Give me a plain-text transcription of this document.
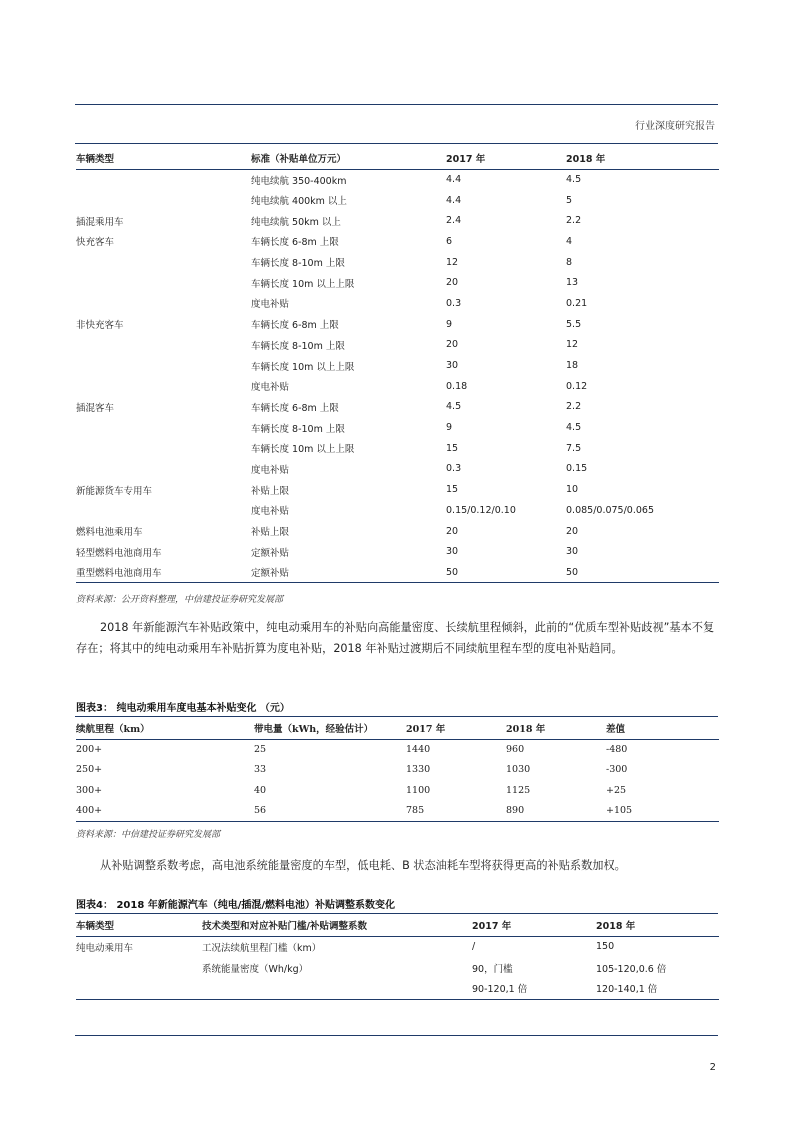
行业深度研究报告
车辆类型	标准（补贴单位万元）	2017 年	2018 年
	纯电续航 350-400km	4.4	4.5
	纯电续航 400km 以上	4.4	5
插混乘用车	纯电续航 50km 以上	2.4	2.2
快充客车	车辆长度 6-8m 上限	6	4
	车辆长度 8-10m 上限	12	8
	车辆长度 10m 以上上限	20	13
	度电补贴	0.3	0.21
非快充客车	车辆长度 6-8m 上限	9	5.5
	车辆长度 8-10m 上限	20	12
	车辆长度 10m 以上上限	30	18
	度电补贴	0.18	0.12
插混客车	车辆长度 6-8m 上限	4.5	2.2
	车辆长度 8-10m 上限	9	4.5
	车辆长度 10m 以上上限	15	7.5
	度电补贴	0.3	0.15
新能源货车专用车	补贴上限	15	10
	度电补贴	0.15/0.12/0.10	0.085/0.075/0.065
燃料电池乘用车	补贴上限	20	20
轻型燃料电池商用车	定额补贴	30	30
重型燃料电池商用车	定额补贴	50	50
资料来源：公开资料整理，中信建投证券研究发展部
2018 年新能源汽车补贴政策中，纯电动乘用车的补贴向高能量密度、长续航里程倾斜，此前的“优质车型补贴歧视”基本不复存在；将其中的纯电动乘用车补贴折算为度电补贴，2018 年补贴过渡期后不同续航里程车型的度电补贴趋同。
图表3： 纯电动乘用车度电基本补贴变化 （元）
续航里程（km）	带电量（kWh，经验估计）	2017 年	2018 年	差值
200+	25	1440	960	-480
250+	33	1330	1030	-300
300+	40	1100	1125	+25
400+	56	785	890	+105
资料来源：中信建投证券研究发展部
从补贴调整系数考虑，高电池系统能量密度的车型，低电耗、B 状态油耗车型将获得更高的补贴系数加权。
图表4： 2018 年新能源汽车（纯电/插混/燃料电池）补贴调整系数变化
车辆类型	技术类型和对应补贴门槛/补贴调整系数	2017 年	2018 年
纯电动乘用车	工况法续航里程门槛（km）	/	150
	系统能量密度（Wh/kg）	90，门槛	105-120,0.6 倍
		90-120,1 倍	120-140,1 倍
2
